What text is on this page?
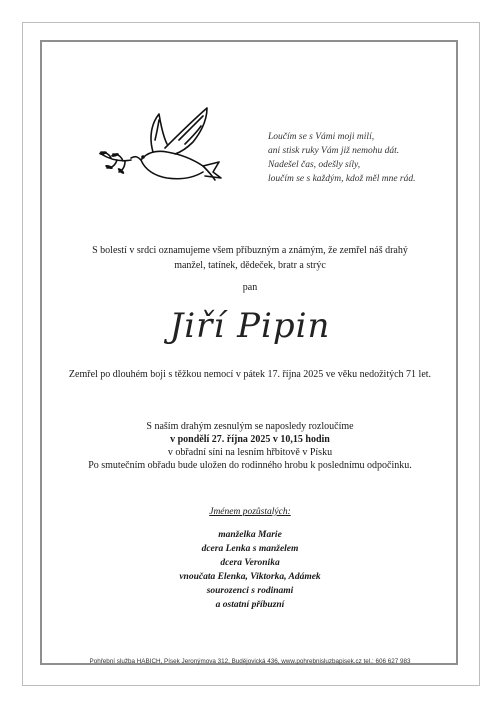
Loučím se s Vámi moji milí,
ani stisk ruky Vám již nemohu dát.
Nadešel čas, odešly síly,
loučím se s každým, kdož měl mne rád.
S bolestí v srdci oznamujeme všem příbuzným a známým, že zemřel náš drahý
manžel, tatínek, dědeček, bratr a strýc
pan
Jiří Pipin
Zemřel po dlouhém boji s těžkou nemocí v pátek 17. října 2025 ve věku nedožitých 71 let.
S naším drahým zesnulým se naposledy rozloučíme
v pondělí 27. října 2025 v 10,15 hodin
v obřadní síni na lesním hřbitově v Písku
Po smutečním obřadu bude uložen do rodinného hrobu k poslednímu odpočinku.
Jménem pozůstalých:
manželka Marie
dcera Lenka s manželem
dcera Veronika
vnoučata Elenka, Viktorka, Adámek
sourozenci s rodinami
a ostatní příbuzní
Pohřební služba HABICH, Písek Jeronýmova 312, Budějovická 436, www.pohrebnisluzbapisek.cz tel.: 606 627 983
